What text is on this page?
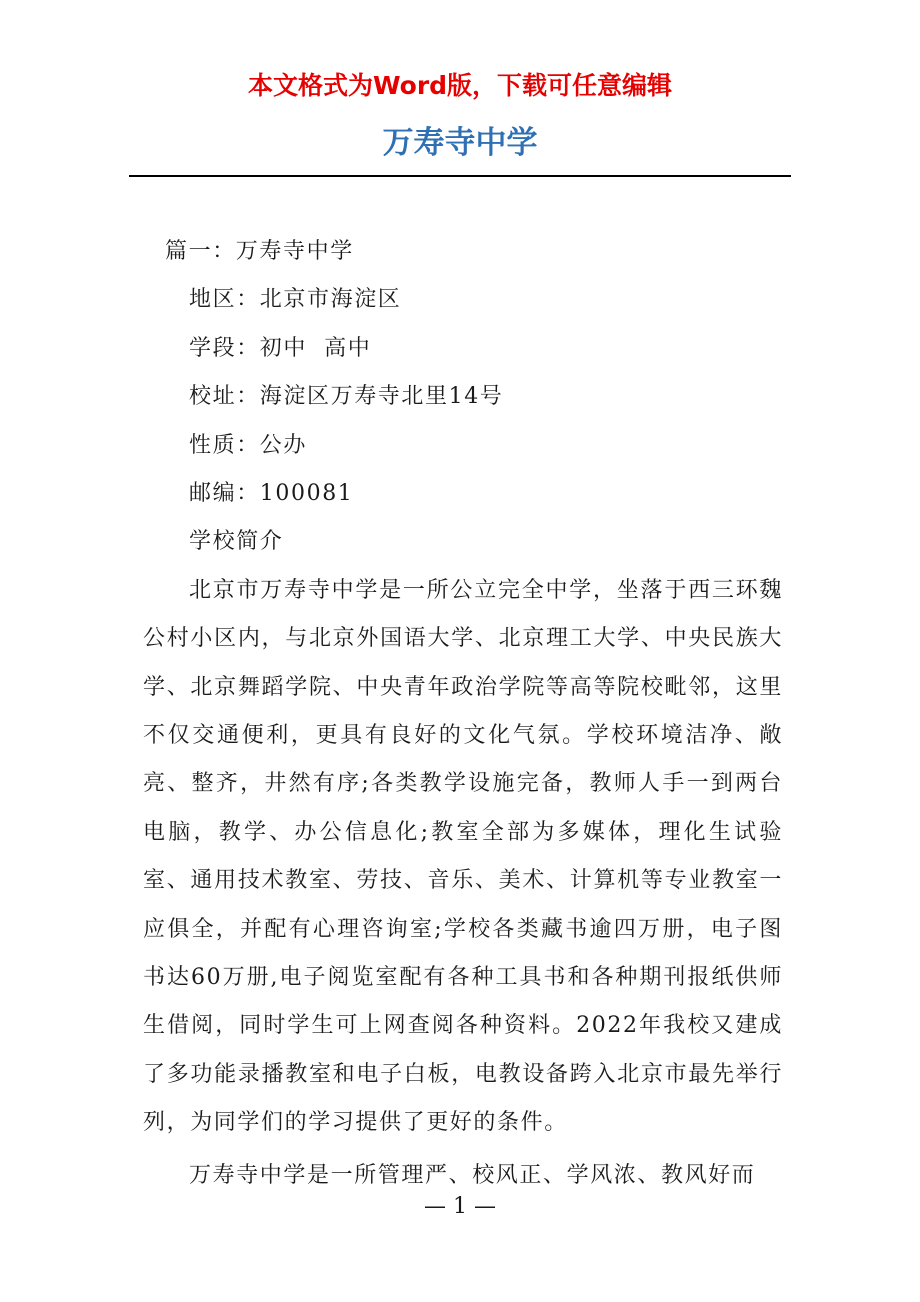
本文格式为Word版，下载可任意编辑
万寿寺中学
篇一：万寿寺中学
地区：北京市海淀区
学段：初中  高中
校址：海淀区万寿寺北里14号
性质：公办
邮编：100081
学校简介

北京市万寿寺中学是一所公立完全中学，坐落于西三环魏公村小区内，与北京外国语大学、北京理工大学、中央民族大学、北京舞蹈学院、中央青年政治学院等高等院校毗邻，这里不仅交通便利，更具有良好的文化气氛。学校环境洁净、敞亮、整齐，井然有序;各类教学设施完备，教师人手一到两台电脑，教学、办公信息化;教室全部为多媒体，理化生试验室、通用技术教室、劳技、音乐、美术、计算机等专业教室一应俱全，并配有心理咨询室;学校各类藏书逾四万册，电子图书达60万册,电子阅览室配有各种工具书和各种期刊报纸供师生借阅，同时学生可上网查阅各种资料。2022年我校又建成了多功能录播教室和电子白板，电教设备跨入北京市最先举行列，为同学们的学习提供了更好的条件。

万寿寺中学是一所管理严、校风正、学风浓、教风好而

— 1 —
